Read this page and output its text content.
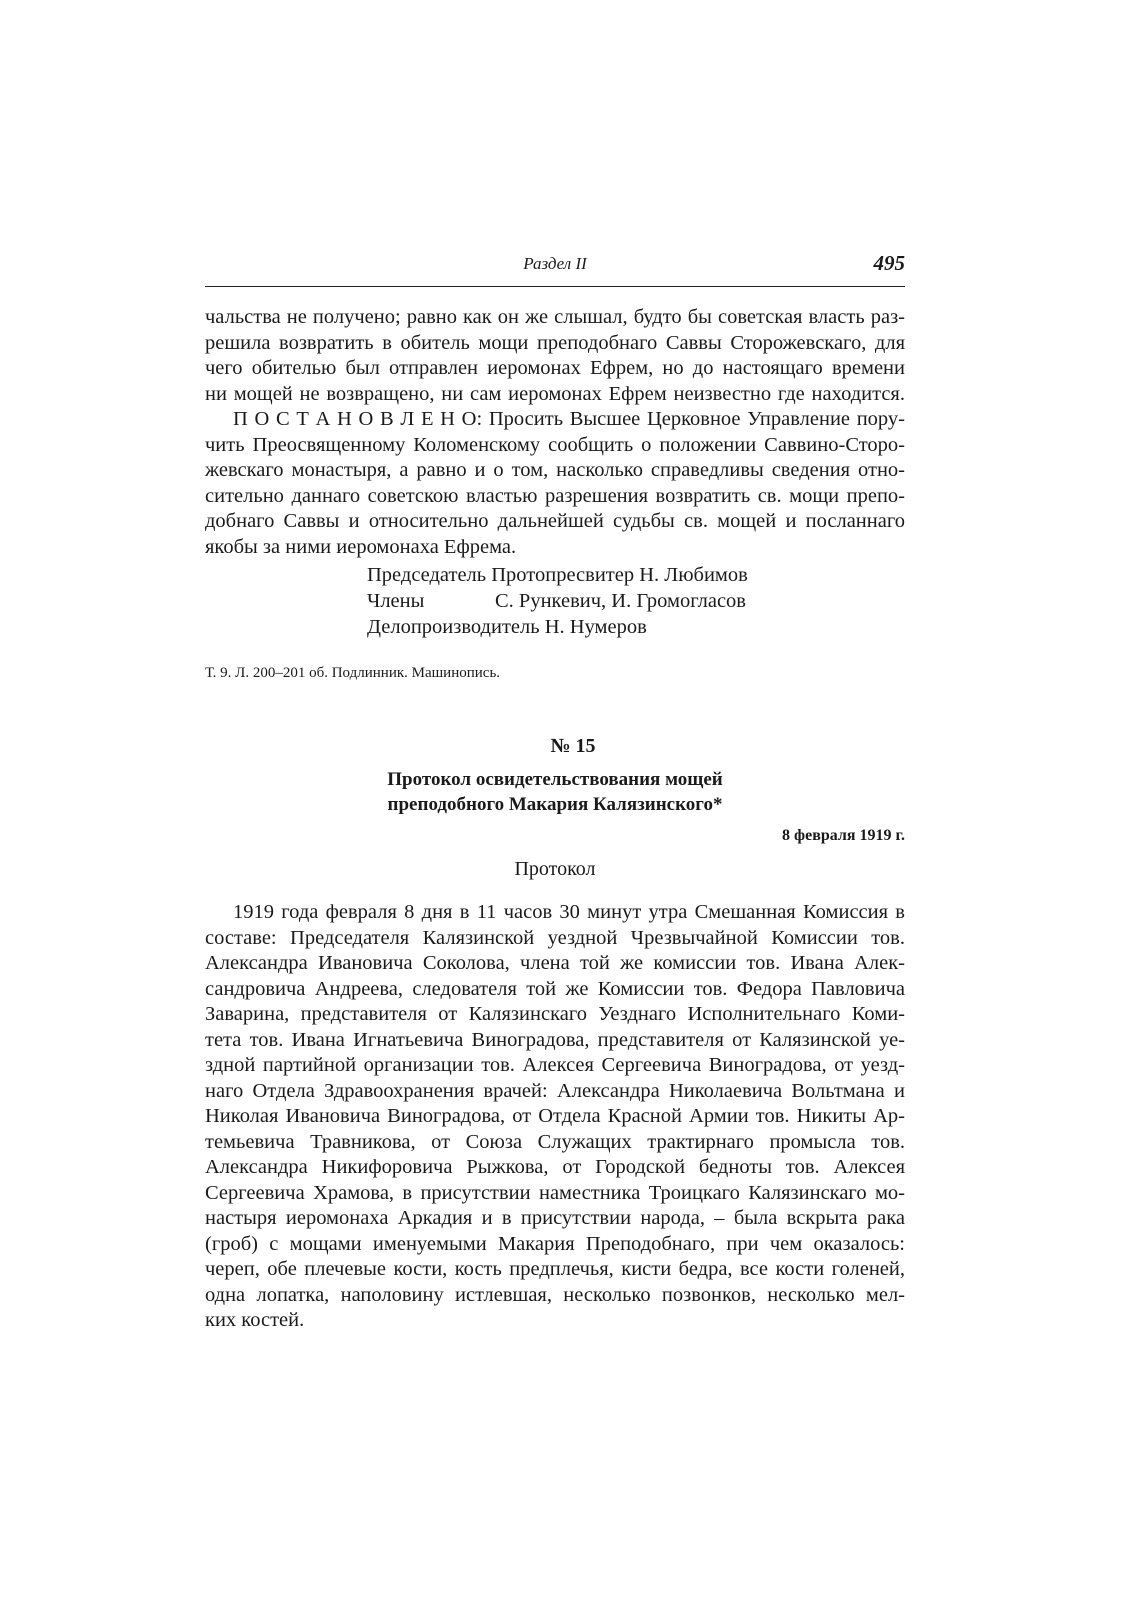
Раздел II	495
чальства не получено; равно как он же слышал, будто бы советская власть раз-
решила возвратить в обитель мощи преподобнаго Саввы Сторожевскаго, для
чего обителью был отправлен иеромонах Ефрем, но до настоящаго времени
ни мощей не возвращено, ни сам иеромонах Ефрем неизвестно где находится.
П О С Т А Н О В Л Е Н О: Просить Высшее Церковное Управление пору-
чить Преосвященному Коломенскому сообщить о положении Саввино-Сторо-
жевскаго монастыря, а равно и о том, насколько справедливы сведения отно-
сительно даннаго советскою властью разрешения возвратить св. мощи препо-
добнаго Саввы и относительно дальнейшей судьбы св. мощей и посланнаго
якобы за ними иеромонаха Ефрема.
Председатель Протопресвитер Н. Любимов
Члены	С. Рункевич, И. Громогласов
Делопроизводитель Н. Нумеров
Т. 9. Л. 200–201 об. Подлинник. Машинопись.
№ 15
Протокол освидетельствования мощей
преподобного Макария Калязинского*
8 февраля 1919 г.
Протокол
1919 года февраля 8 дня в 11 часов 30 минут утра Смешанная Комиссия в
составе: Председателя Калязинской уездной Чрезвычайной Комиссии тов.
Александра Ивановича Соколова, члена той же комиссии тов. Ивана Алек-
сандровича Андреева, следователя той же Комиссии тов. Федора Павловича
Заварина, представителя от Калязинскаго Уезднаго Исполнительнаго Коми-
тета тов. Ивана Игнатьевича Виноградова, представителя от Калязинской уе-
здной партийной организации тов. Алексея Сергеевича Виноградова, от уезд-
наго Отдела Здравоохранения врачей: Александра Николаевича Вольтмана и
Николая Ивановича Виноградова, от Отдела Красной Армии тов. Никиты Ар-
темьевича Травникова, от Союза Служащих трактирнаго промысла тов.
Александра Никифоровича Рыжкова, от Городской бедноты тов. Алексея
Сергеевича Храмова, в присутствии наместника Троицкаго Калязинскаго мо-
настыря иеромонаха Аркадия и в присутствии народа, – была вскрыта рака
(гроб) с мощами именуемыми Макария Преподобнаго, при чем оказалось:
череп, обе плечевые кости, кость предплечья, кисти бедра, все кости голеней,
одна лопатка, наполовину истлевшая, несколько позвонков, несколько мел-
ких костей.
